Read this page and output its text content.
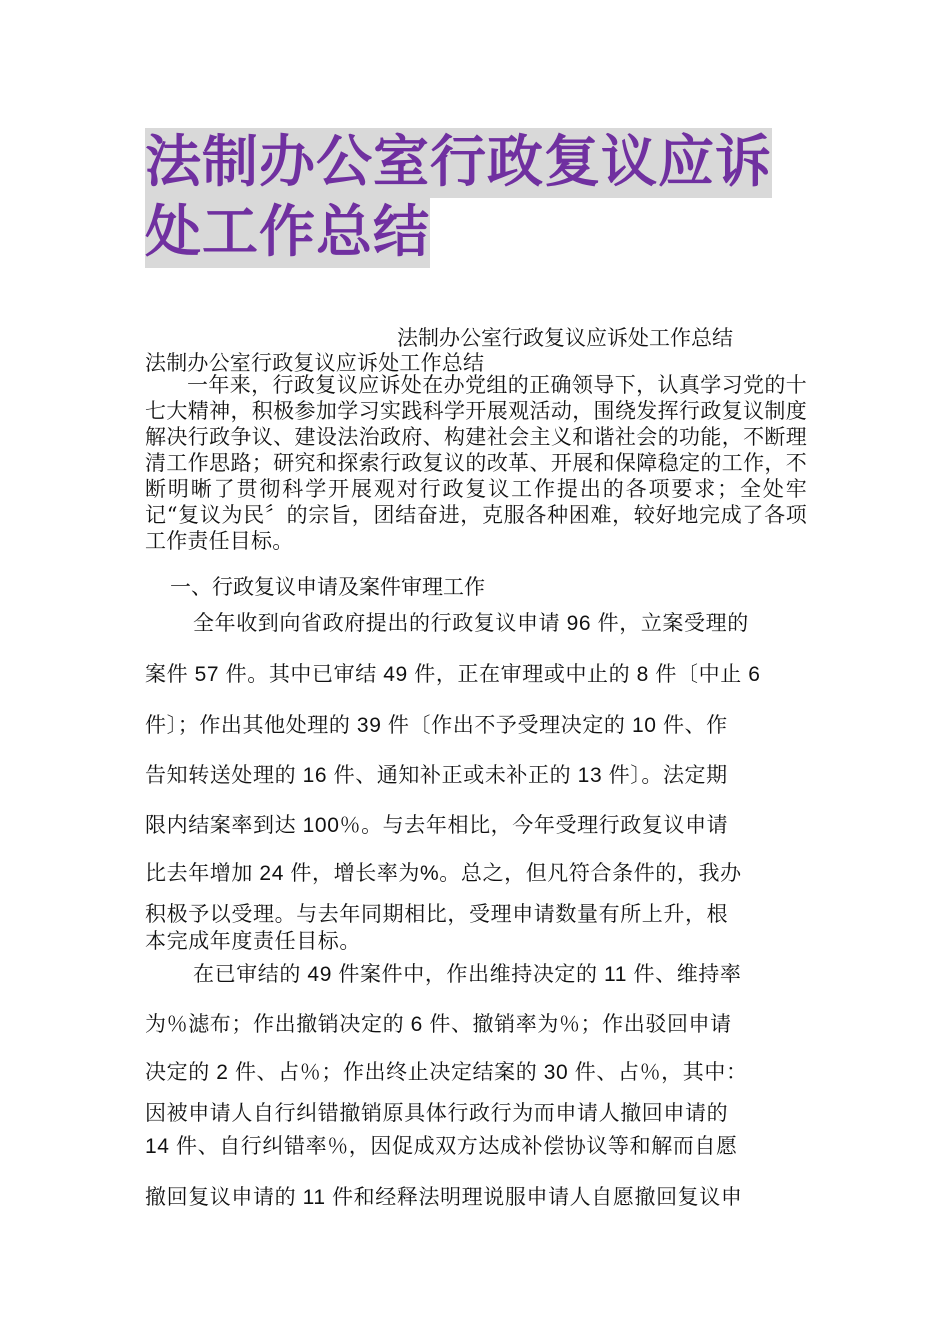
法制办公室行政复议应诉
处工作总结
法制办公室行政复议应诉处工作总结
法制办公室行政复议应诉处工作总结
一年来，行政复议应诉处在办党组的正确领导下，认真学习党的十七大精神，积极参加学习实践科学开展观活动，围绕发挥行政复议制度解决行政争议、建设法治政府、构建社会主义和谐社会的功能，不断理清工作思路；研究和探索行政复议的改革、开展和保障稳定的工作，不断明晰了贯彻科学开展观对行政复议工作提出的各项要求；全处牢记“复议为民〞的宗旨，团结奋进，克服各种困难，较好地完成了各项工作责任目标。
一、行政复议申请及案件审理工作
全年收到向省政府提出的行政复议申请 96 件，立案受理的
案件 57 件。其中已审结 49 件，正在审理或中止的 8 件〔中止 6
件〕；作出其他处理的 39 件〔作出不予受理决定的 10 件、作
告知转送处理的 16 件、通知补正或未补正的 13 件〕。法定期
限内结案率到达 100％。与去年相比，今年受理行政复议申请
比去年增加 24 件，增长率为%。总之，但凡符合条件的，我办
积极予以受理。与去年同期相比，受理申请数量有所上升，根
本完成年度责任目标。
在已审结的 49 件案件中，作出维持决定的 11 件、维持率
为％滤布；作出撤销决定的 6 件、撤销率为％；作出驳回申请
决定的 2 件、占％；作出终止决定结案的 30 件、占％，其中：
因被申请人自行纠错撤销原具体行政行为而申请人撤回申请的
14 件、自行纠错率％，因促成双方达成补偿协议等和解而自愿
撤回复议申请的 11 件和经释法明理说服申请人自愿撤回复议申
